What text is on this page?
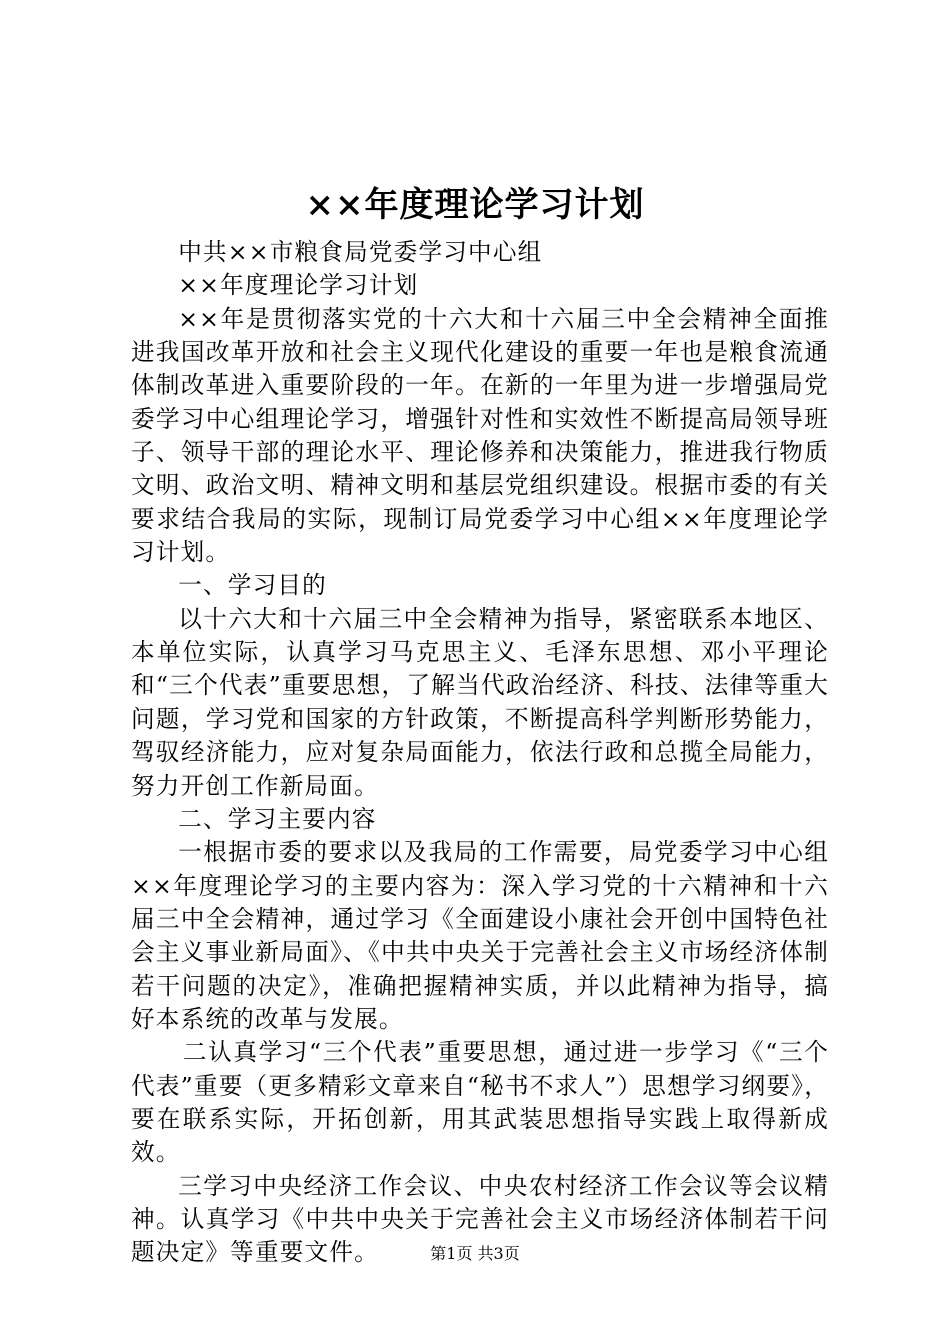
××年度理论学习计划

中共××市粮食局党委学习中心组

××年度理论学习计划

××年是贯彻落实党的十六大和十六届三中全会精神全面推进我国改革开放和社会主义现代化建设的重要一年也是粮食流通体制改革进入重要阶段的一年。在新的一年里为进一步增强局党委学习中心组理论学习，增强针对性和实效性不断提高局领导班子、领导干部的理论水平、理论修养和决策能力，推进我行物质文明、政治文明、精神文明和基层党组织建设。根据市委的有关要求结合我局的实际，现制订局党委学习中心组××年度理论学习计划。

一、学习目的

以十六大和十六届三中全会精神为指导，紧密联系本地区、本单位实际，认真学习马克思主义、毛泽东思想、邓小平理论和“三个代表”重要思想，了解当代政治经济、科技、法律等重大问题，学习党和国家的方针政策，不断提高科学判断形势能力，驾驭经济能力，应对复杂局面能力，依法行政和总揽全局能力，努力开创工作新局面。

二、学习主要内容

一根据市委的要求以及我局的工作需要，局党委学习中心组××年度理论学习的主要内容为：深入学习党的十六精神和十六届三中全会精神，通过学习《全面建设小康社会开创中国特色社会主义事业新局面》、《中共中央关于完善社会主义市场经济体制若干问题的决定》，准确把握精神实质，并以此精神为指导，搞好本系统的改革与发展。

二认真学习“三个代表”重要思想，通过进一步学习《“三个代表”重要（更多精彩文章来自“秘书不求人”）思想学习纲要》，要在联系实际，开拓创新，用其武装思想指导实践上取得新成效。

三学习中央经济工作会议、中央农村经济工作会议等会议精神。认真学习《中共中央关于完善社会主义市场经济体制若干问题决定》等重要文件。	第1页 共3页
